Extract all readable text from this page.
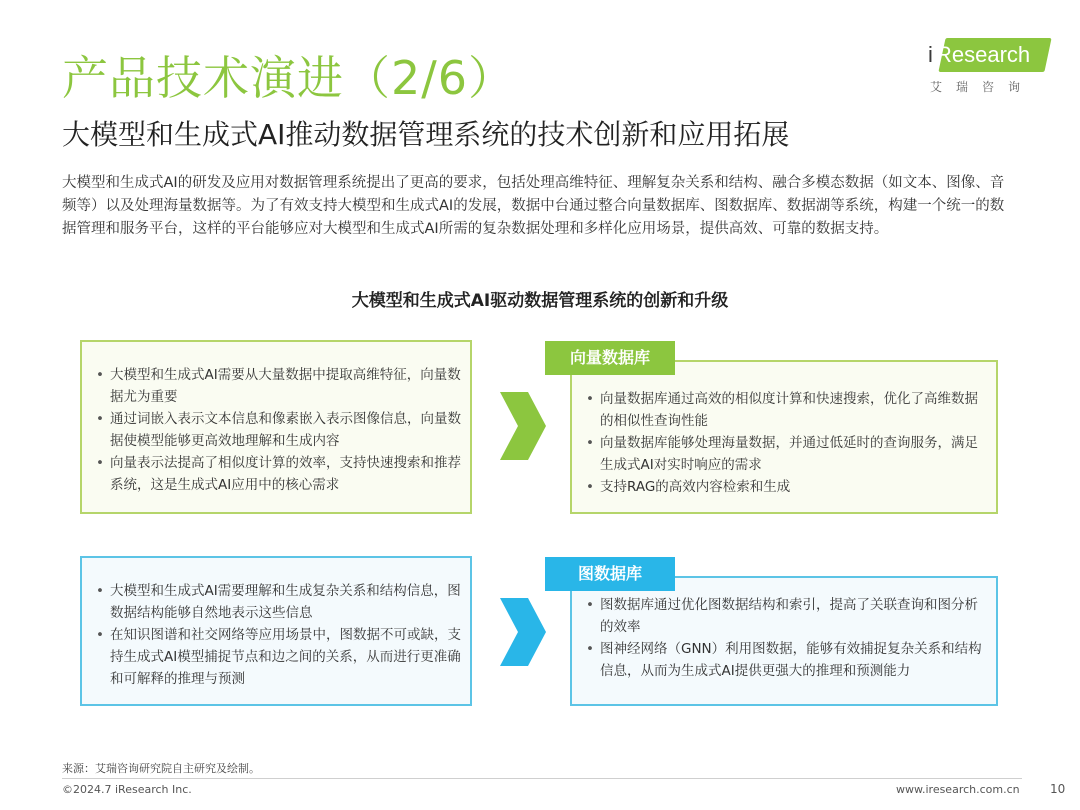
产品技术演进（2/6）
大模型和生成式AI推动数据管理系统的技术创新和应用拓展
i Research
艾瑞咨询
大模型和生成式AI的研发及应用对数据管理系统提出了更高的要求，包括处理高维特征、理解复杂关系和结构、融合多模态数据（如文本、图像、音频等）以及处理海量数据等。为了有效支持大模型和生成式AI的发展，数据中台通过整合向量数据库、图数据库、数据湖等系统，构建一个统一的数据管理和服务平台，这样的平台能够应对大模型和生成式AI所需的复杂数据处理和多样化应用场景，提供高效、可靠的数据支持。
大模型和生成式AI驱动数据管理系统的创新和升级
• 大模型和生成式AI需要从大量数据中提取高维特征，向量数据尤为重要
• 通过词嵌入表示文本信息和像素嵌入表示图像信息，向量数据使模型能够更高效地理解和生成内容
• 向量表示法提高了相似度计算的效率，支持快速搜索和推荐系统，这是生成式AI应用中的核心需求
• 向量数据库通过高效的相似度计算和快速搜索，优化了高维数据的相似性查询性能
• 向量数据库能够处理海量数据，并通过低延时的查询服务，满足生成式AI对实时响应的需求
• 支持RAG的高效内容检索和生成
向量数据库
• 大模型和生成式AI需要理解和生成复杂关系和结构信息，图数据结构能够自然地表示这些信息
• 在知识图谱和社交网络等应用场景中，图数据不可或缺，支持生成式AI模型捕捉节点和边之间的关系，从而进行更准确和可解释的推理与预测
• 图数据库通过优化图数据结构和索引，提高了关联查询和图分析的效率
• 图神经网络（GNN）利用图数据，能够有效捕捉复杂关系和结构信息，从而为生成式AI提供更强大的推理和预测能力
图数据库
来源：艾瑞咨询研究院自主研究及绘制。
©2024.7 iResearch Inc.	www.iresearch.com.cn	10
